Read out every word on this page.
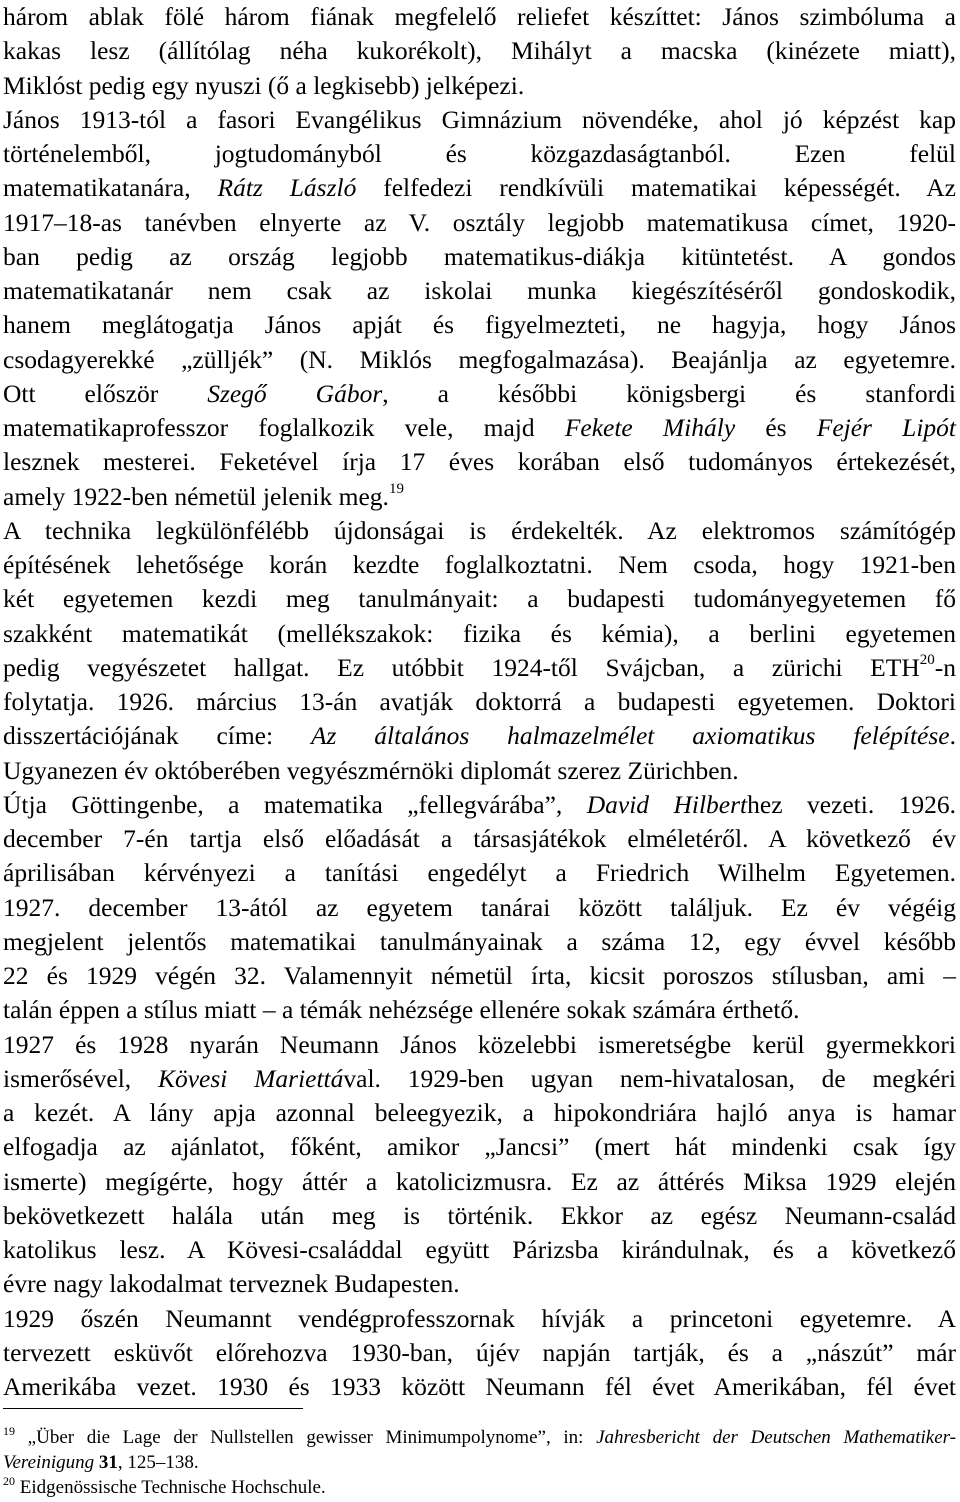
három ablak fölé három fiának megfelelő reliefet készíttet: János szimbóluma a
kakas lesz (állítólag néha kukorékolt), Mihályt a macska (kinézete miatt),
Miklóst pedig egy nyuszi (ő a legkisebb) jelképezi.
János 1913-tól a fasori Evangélikus Gimnázium növendéke, ahol jó képzést kap
történelemből, jogtudományból és közgazdaságtanból. Ezen felül
matematikatanára, Rátz László felfedezi rendkívüli matematikai képességét. Az
1917–18-as tanévben elnyerte az V. osztály legjobb matematikusa címet, 1920-
ban pedig az ország legjobb matematikus-diákja kitüntetést. A gondos
matematikatanár nem csak az iskolai munka kiegészítéséről gondoskodik,
hanem meglátogatja János apját és figyelmezteti, ne hagyja, hogy János
csodagyerekké „zülljék” (N. Miklós megfogalmazása). Beajánlja az egyetemre.
Ott először Szegő Gábor, a későbbi königsbergi és stanfordi
matematikaprofesszor foglalkozik vele, majd Fekete Mihály és Fejér Lipót
lesznek mesterei. Feketével írja 17 éves korában első tudományos értekezését,
amely 1922-ben németül jelenik meg.$^{19}$
A technika legkülönfélébb újdonságai is érdekelték. Az elektromos számítógép
építésének lehetősége korán kezdte foglalkoztatni. Nem csoda, hogy 1921-ben
két egyetemen kezdi meg tanulmányait: a budapesti tudományegyetemen fő
szakként matematikát (mellékszakok: fizika és kémia), a berlini egyetemen
pedig vegyészetet hallgat. Ez utóbbit 1924-től Svájcban, a zürichi ETH$^{20}$-n
folytatja. 1926. március 13-án avatják doktorrá a budapesti egyetemen. Doktori
disszertációjának címe: Az általános halmazelmélet axiomatikus felépítése.
Ugyanezen év októberében vegyészmérnöki diplomát szerez Zürichben.
Útja Göttingenbe, a matematika „fellegvárába”, David Hilberthez vezeti. 1926.
december 7-én tartja első előadását a társasjátékok elméletéről. A következő év
áprilisában kérvényezi a tanítási engedélyt a Friedrich Wilhelm Egyetemen.
1927. december 13-ától az egyetem tanárai között találjuk. Ez év végéig
megjelent jelentős matematikai tanulmányainak a száma 12, egy évvel később
22 és 1929 végén 32. Valamennyit németül írta, kicsit poroszos stílusban, ami –
talán éppen a stílus miatt – a témák nehézsége ellenére sokak számára érthető.
1927 és 1928 nyarán Neumann János közelebbi ismeretségbe kerül gyermekkori
ismerősével, Kövesi Mariettával. 1929-ben ugyan nem-hivatalosan, de megkéri
a kezét. A lány apja azonnal beleegyezik, a hipokondriára hajló anya is hamar
elfogadja az ajánlatot, főként, amikor „Jancsi” (mert hát mindenki csak így
ismerte) megígérte, hogy áttér a katolicizmusra. Ez az áttérés Miksa 1929 elején
bekövetkezett halála után meg is történik. Ekkor az egész Neumann-család
katolikus lesz. A Kövesi-családdal együtt Párizsba kirándulnak, és a következő
évre nagy lakodalmat terveznek Budapesten.
1929 őszén Neumannt vendégprofesszornak hívják a princetoni egyetemre. A
tervezett esküvőt előrehozva 1930-ban, újév napján tartják, és a „nászút” már
Amerikába vezet. 1930 és 1933 között Neumann fél évet Amerikában, fél évet
$^{19}$ „Über die Lage der Nullstellen gewisser Minimumpolynome”, in: Jahresbericht der Deutschen Mathematiker-
Vereinigung 31, 125–138.
$^{20}$ Eidgenössische Technische Hochschule.
